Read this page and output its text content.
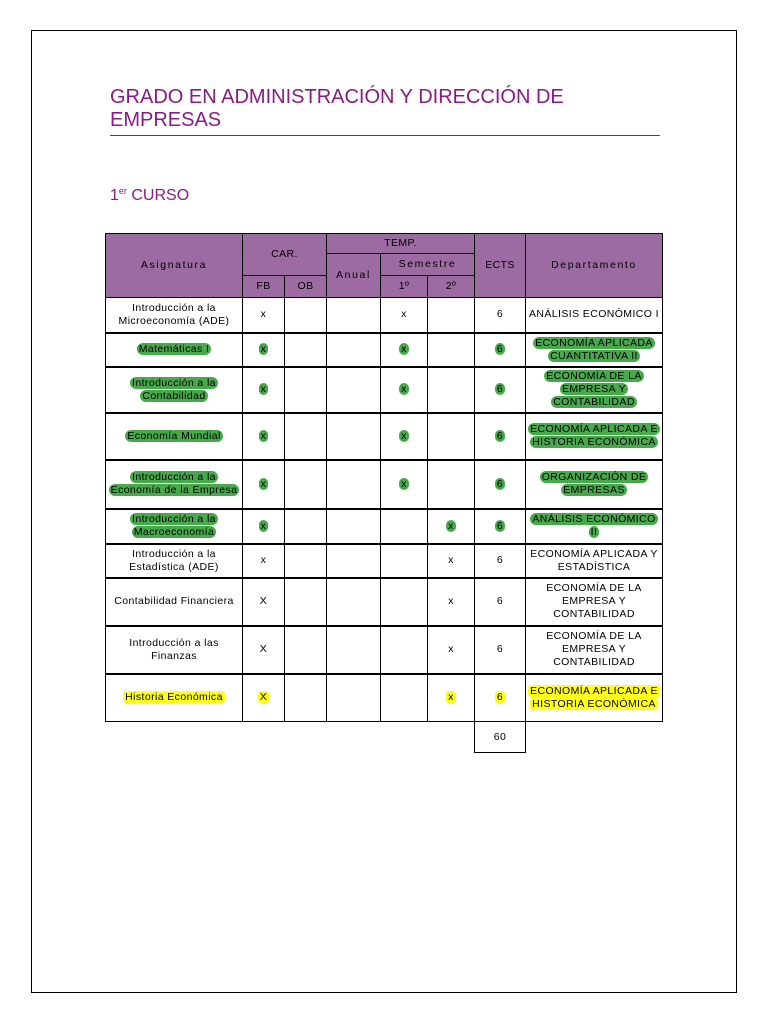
GRADO EN ADMINISTRACIÓN Y DIRECCIÓN DE EMPRESAS
1er CURSO
Asignatura	CAR.		TEMP.			ECTS	Departamento
			Anual	Semestre			
	FB	OB		1º	2º		
Introducción a la Microeconomía (ADE)	x			x		6	ANÁLISIS ECONÓMICO I
Matemáticas I	x			x		6	ECONOMÍA APLICADA CUANTITATIVA II
Introducción a la Contabilidad	x			x		6	ECONOMÍA DE LA EMPRESA Y CONTABILIDAD
Economía Mundial	x			x		6	ECONOMÍA APLICADA E HISTORIA ECONÓMICA
Introducción a la Economía de la Empresa	x			x		6	ORGANIZACIÓN DE EMPRESAS
Introducción a la Macroeconomía	x				x	6	ANÁLISIS ECONÓMICO II
Introducción a la Estadística (ADE)	x				x	6	ECONOMÍA APLICADA Y ESTADÍSTICA
Contabilidad Financiera	X				x	6	ECONOMÍA DE LA EMPRESA Y CONTABILIDAD
Introducción a las Finanzas	X				x	6	ECONOMÍA DE LA EMPRESA Y CONTABILIDAD
Historia Económica	X				x	6	ECONOMÍA APLICADA E HISTORIA ECONÓMICA
						60	
